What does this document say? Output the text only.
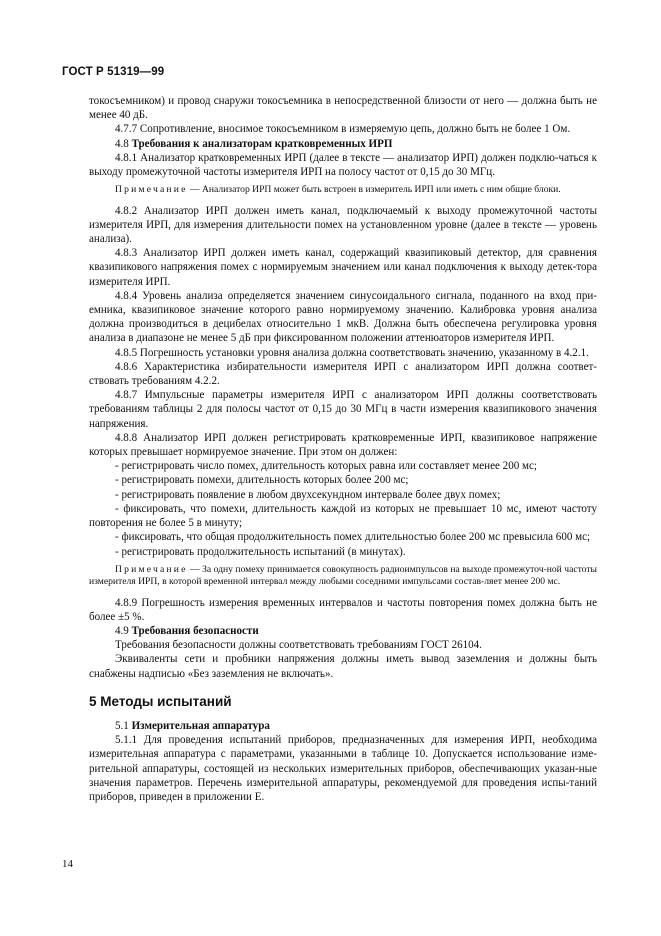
ГОСТ Р 51319—99

токосъемником) и провод снаружи токосъемника в непосредственной близости от него — должна быть не менее 40 дБ.

4.7.7 Сопротивление, вносимое токосъемником в измеряемую цепь, должно быть не более 1 Ом.

4.8 Требования к анализаторам кратковременных ИРП

4.8.1 Анализатор кратковременных ИРП (далее в тексте — анализатор ИРП) должен подклю-чаться к выходу промежуточной частоты измерителя ИРП на полосу частот от 0,15 до 30 МГц.

Примечание — Анализатор ИРП может быть встроен в измеритель ИРП или иметь с ним общие блоки.

4.8.2 Анализатор ИРП должен иметь канал, подключаемый к выходу промежуточной частоты измерителя ИРП, для измерения длительности помех на установленном уровне (далее в тексте — уровень анализа).

4.8.3 Анализатор ИРП должен иметь канал, содержащий квазипиковый детектор, для сравнения квазипикового напряжения помех с нормируемым значением или канал подключения к выходу детек-тора измерителя ИРП.

4.8.4 Уровень анализа определяется значением синусоидального сигнала, поданного на вход при-емника, квазипиковое значение которого равно нормируемому значению. Калибровка уровня анализа должна производиться в децибелах относительно 1 мкВ. Должна быть обеспечена регулировка уровня анализа в диапазоне не менее 5 дБ при фиксированном положении аттенюаторов измерителя ИРП.

4.8.5 Погрешность установки уровня анализа должна соответствовать значению, указанному в 4.2.1.

4.8.6 Характеристика избирательности измерителя ИРП с анализатором ИРП должна соответ-ствовать требованиям 4.2.2.

4.8.7 Импульсные параметры измерителя ИРП с анализатором ИРП должны соответствовать требованиям таблицы 2 для полосы частот от 0,15 до 30 МГц в части измерения квазипикового значения напряжения.

4.8.8 Анализатор ИРП должен регистрировать кратковременные ИРП, квазипиковое напряжение которых превышает нормируемое значение. При этом он должен:

- регистрировать число помех, длительность которых равна или составляет менее 200 мс;

- регистрировать помехи, длительность которых более 200 мс;

- регистрировать появление в любом двухсекундном интервале более двух помех;

- фиксировать, что помехи, длительность каждой из которых не превышает 10 мс, имеют частоту повторения не более 5 в минуту;

- фиксировать, что общая продолжительность помех длительностью более 200 мс превысила 600 мс;

- регистрировать продолжительность испытаний (в минутах).

Примечание — За одну помеху принимается совокупность радиоимпульсов на выходе промежуточ-ной частоты измерителя ИРП, в которой временной интервал между любыми соседними импульсами состав-ляет менее 200 мс.

4.8.9 Погрешность измерения временных интервалов и частоты повторения помех должна быть не более ±5 %.

4.9 Требования безопасности

Требования безопасности должны соответствовать требованиям ГОСТ 26104.

Эквиваленты сети и пробники напряжения должны иметь вывод заземления и должны быть снабжены надписью «Без заземления не включать».

5 Методы испытаний

5.1 Измерительная аппаратура

5.1.1 Для проведения испытаний приборов, предназначенных для измерения ИРП, необходима измерительная аппаратура с параметрами, указанными в таблице 10. Допускается использование изме-рительной аппаратуры, состоящей из нескольких измерительных приборов, обеспечивающих указан-ные значения параметров. Перечень измерительной аппаратуры, рекомендуемой для проведения испы-таний приборов, приведен в приложении Е.

14
